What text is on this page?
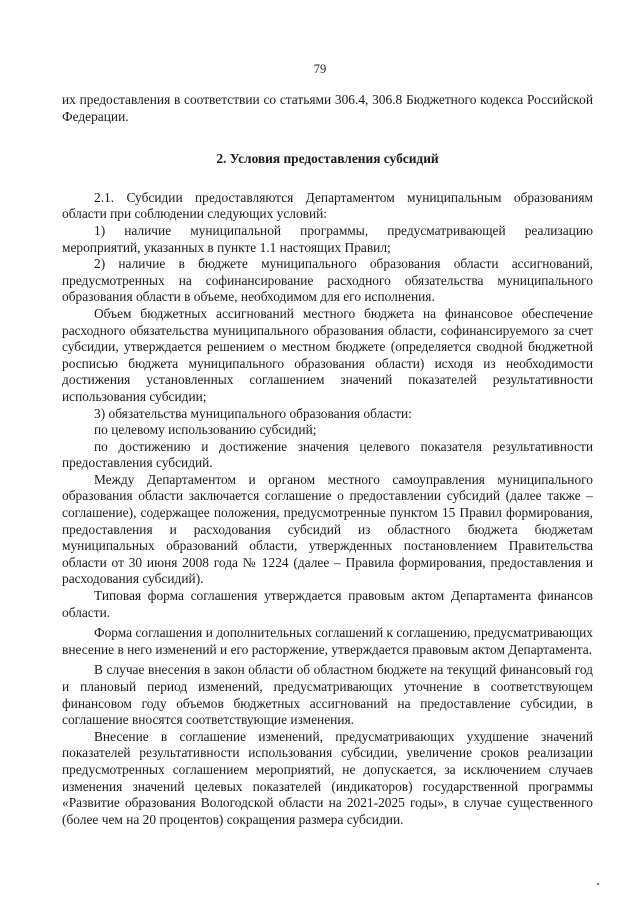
79

их предоставления в соответствии со статьями 306.4, 306.8 Бюджетного кодекса Российской Федерации.

2. Условия предоставления субсидий

2.1. Субсидии предоставляются Департаментом муниципальным образованиям области при соблюдении следующих условий:

1) наличие муниципальной программы, предусматривающей реализацию мероприятий, указанных в пункте 1.1 настоящих Правил;

2) наличие в бюджете муниципального образования области ассигнований, предусмотренных на софинансирование расходного обязательства муниципального образования области в объеме, необходимом для его исполнения.

Объем бюджетных ассигнований местного бюджета на финансовое обеспечение расходного обязательства муниципального образования области, софинансируемого за счет субсидии, утверждается решением о местном бюджете (определяется сводной бюджетной росписью бюджета муниципального образования области) исходя из необходимости достижения установленных соглашением значений показателей результативности использования субсидии;

3) обязательства муниципального образования области:

по целевому использованию субсидий;

по достижению и достижение значения целевого показателя результативности предоставления субсидий.

Между Департаментом и органом местного самоуправления муниципального образования области заключается соглашение о предоставлении субсидий (далее также – соглашение), содержащее положения, предусмотренные пунктом 15 Правил формирования, предоставления и расходования субсидий из областного бюджета бюджетам муниципальных образований области, утвержденных постановлением Правительства области от 30 июня 2008 года № 1224 (далее – Правила формирования, предоставления и расходования субсидий).

Типовая форма соглашения утверждается правовым актом Департамента финансов области.

Форма соглашения и дополнительных соглашений к соглашению, предусматривающих внесение в него изменений и его расторжение, утверждается правовым актом Департамента.

В случае внесения в закон области об областном бюджете на текущий финансовый год и плановый период изменений, предусматривающих уточнение в соответствующем финансовом году объемов бюджетных ассигнований на предоставление субсидии, в соглашение вносятся соответствующие изменения.

Внесение в соглашение изменений, предусматривающих ухудшение значений показателей результативности использования субсидии, увеличение сроков реализации предусмотренных соглашением мероприятий, не допускается, за исключением случаев изменения значений целевых показателей (индикаторов) государственной программы «Развитие образования Вологодской области на 2021-2025 годы», в случае существенного (более чем на 20 процентов) сокращения размера субсидии.
